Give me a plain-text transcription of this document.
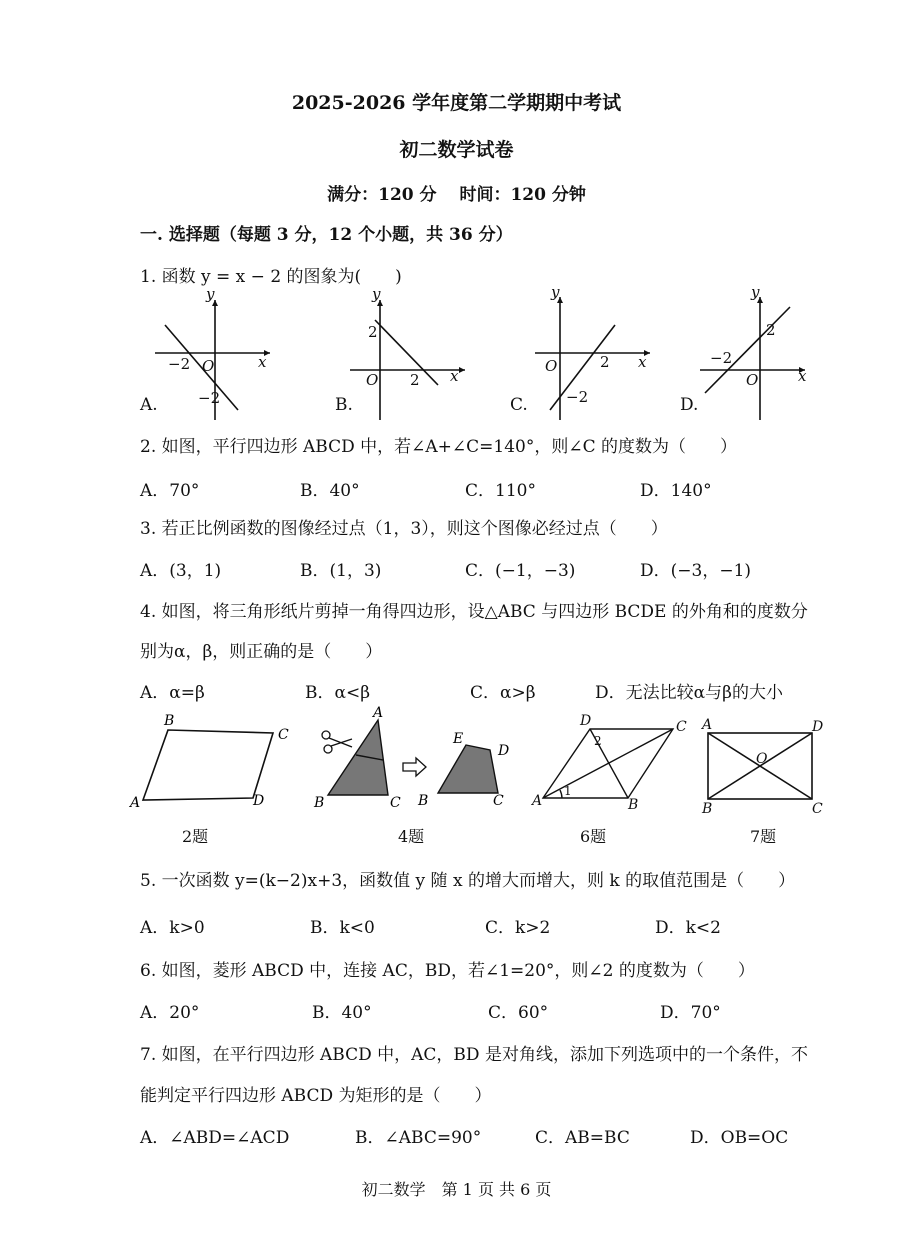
2025-2026 学年度第二学期期中考试
初二数学试卷
满分：120 分　 时间：120 分钟
一. 选择题（每题 3 分，12 个小题，共 36 分）
1. 函数 y = x − 2 的图象为(　　)
y
x
O
−2
−2
y
x
O
2
2
y
x
O	2
−2
y
x
O
2
−2
A.	B.	C.	D.
2. 如图，平行四边形 ABCD 中，若∠A+∠C=140°，则∠C 的度数为（　　）
A．70°	B．40°	C．110°	D．140°
3. 若正比例函数的图像经过点（1，3），则这个图像必经过点（　　）
A．(3，1)	B．(1，3)	C．(−1，−3)	D．(−3，−1)
4. 如图，将三角形纸片剪掉一角得四边形，设△ABC 与四边形 BCDE 的外角和的度数分
别为α，β，则正确的是（　　）
A．α=β	B．α<β	C．α>β	D．无法比较α与β的大小
B
C
A	D
A
B	C
E
D
B	C
D	C
A	B
2
1
A	D
B	C
O
2题	4题	6题	7题
5. 一次函数 y=(k−2)x+3，函数值 y 随 x 的增大而增大，则 k 的取值范围是（　　）
A．k>0	B．k<0	C．k>2	D．k<2
6. 如图，菱形 ABCD 中，连接 AC，BD，若∠1=20°，则∠2 的度数为（　　）
A．20°	B．40°	C．60°	D．70°
7. 如图，在平行四边形 ABCD 中，AC，BD 是对角线，添加下列选项中的一个条件，不
能判定平行四边形 ABCD 为矩形的是（　　）
A．∠ABD=∠ACD	B．∠ABC=90°	C．AB=BC	D．OB=OC
初二数学　第 1 页 共 6 页
